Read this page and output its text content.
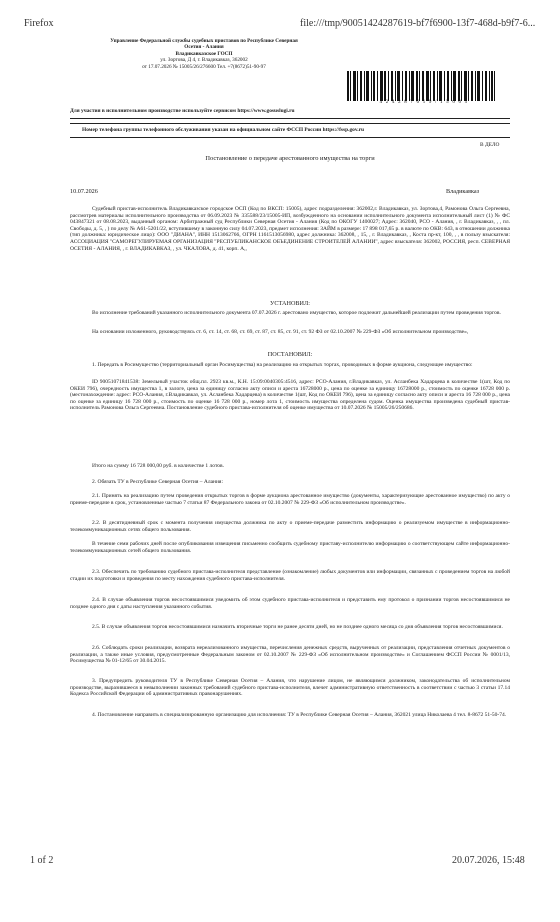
Firefox	file:///tmp/90051424287619-bf7f6900-13f7-468d-b9f7-6...
Управление Федеральной службы судебных приставов по Республике Северная
Осетия - Алания
Владикавказское ГОСП
ул. Зортова, Д 4, г. Владикавказ, 362002
от 17.07.2026 № 15005/26/276600 Тел. +7(8672)51-90-97
4 2 4 2 8 7 6 1 9 / 1 5 0 0 5
Для участия в исполнительном производстве используйте сервисом https://www.gosuslugi.ru
Номер телефона группы телефонного обслуживания указан на официальном сайте ФССП России https://fssp.gov.ru
В ДЕЛО
Постановление о передаче арестованного имущества на торги
10.07.2026	Владикавказ
Судебный пристав-исполнитель Владикавказское городское ОСП (Код по ВКСП: 15005), адрес подразделения: 362002,г. Владикавказ, ул. Зортова,4, Рамонова Ольга Сергеевна, рассмотрев материалы исполнительного производства от 06.09.2023 № 335588/23/15005-ИП, возбужденного на основании исполнительного документа исполнительный лист (1) № ФС 043847321 от 08.08.2023, выданный органом: Арбитражный суд Республики Северная Осетия - Алания (Код по ОКОГУ 1400027; Адрес: 362040, РСО - Алания, , г. Владикавказ, , , пл. Свободы, д. 5, , ) по делу № А61-5201/22, вступившему в законную силу 04.07.2023, предмет исполнения: ЗАЙМ в размере: 17 898 017,65 р. в валюте по ОКВ: 643, в отношении должника (тип должника: юридическое лицо): ООО "ДИАНА", ИНН 1513062766, ОГРН 1161513056980, адрес должника: 362008, , 15, , г. Владикавказ, , Коста пр-кт, 100, , , в пользу взыскателя: АССОЦИАЦИЯ "САМОРЕГУЛИРУЕМАЯ ОРГАНИЗАЦИЯ "РЕСПУБЛИКАНСКОЕ ОБЪЕДИНЕНИЕ СТРОИТЕЛЕЙ АЛАНИИ", адрес взыскателя: 362002, РОССИЯ, респ. СЕВЕРНАЯ ОСЕТИЯ - АЛАНИЯ, , г. ВЛАДИКАВКАЗ, , ул. ЧКАЛОВА, д. 41, корп. А,,
УСТАНОВИЛ:
Во исполнение требований указанного исполнительного документа 07.07.2026 г. арестовано имущество, которое подлежит дальнейшей реализации путем проведения торгов.
На основании изложенного, руководствуясь ст. 6, ст. 14, ст. 68, ст. 69, ст. 87, ст. 85, ст. 91, ст. 92 ФЗ от 02.10.2007 № 229-ФЗ «Об исполнительном производстве»,
ПОСТАНОВИЛ:
1. Передать в Росимущество (территориальный орган Росимущества) на реализацию на открытых торгах, проводимых в форме аукциона, следующее имущество:
ID 90051071841538: Земельный участок общ.пл. 2923 кв.м., К.Н. 15:09:0040305:4516, адрес: РСО-Алания, г.Владикавказ, ул. Асланбека Хадарцева в количестве 1(шт, Код по ОКЕИ 796), очередность имущества 1, в залоге, цена за единицу согласно акту описи и ареста 16728000 р., цена по оценке за единицу 16728000 р., стоимость по оценке 16728 000 р. (местонахождение: адрес: РСО-Алания, г.Владикавказ, ул. Асланбека Хадарцева) в количестве 1(шт, Код по ОКЕИ 796), цена за единицу согласно акту описи и ареста 16 728 000 р., цена по оценке за единицу 16 728 000 р., стоимость по оценке 16 728 000 р., номер лота 1, стоимость имущества определена судом. Оценка имущества произведена судебный пристав-исполнитель Рамонова Ольга Сергеевна. Постановление судебного пристава-исполнителя об оценке имущества от 10.07.2026 № 15005/26/250686.
Итого на сумму 16 728 000,00 руб. в количестве 1 лотов.
2. Обязать ТУ в Республике Северная Осетия – Алания:
2.1. Принять на реализацию путем проведения открытых торгов в форме аукциона арестованное имущество (документы, характеризующие арестованное имущество) по акту о приеме-передаче в срок, установленные частью 7 статьи 87 Федерального закона от 02.10.2007 № 229-ФЗ «Об исполнительном производстве».
2.2. В десятидневный срок с момента получения имущества должника по акту о приеме-передаче разместить информацию о реализуемом имуществе в информационно-телекоммуникационных сетях общего пользования.
В течение семи рабочих дней после опубликования извещения письменно сообщить судебному приставу-исполнителю информацию о соответствующем сайте информационно-телекоммуникационных сетей общего пользования.
2.3. Обеспечить по требованию судебного пристава-исполнителя представление (ознакомление) любых документов или информации, связанных с проведением торгов на любой стадии их подготовки и проведения по месту нахождения судебного пристава-исполнителя.
2.4. В случае объявления торгов несостоявшимися уведомить об этом судебного пристава-исполнителя и представить ему протокол о признании торгов несостоявшимися не позднее одного дня с даты наступления указанного события.
2.5. В случае объявления торгов несостоявшимися назначить вторичные торги не ранее десяти дней, но не позднее одного месяца со дня объявления торгов несостоявшимися.
2.6. Соблюдать сроки реализации, возврата нереализованного имущества, перечисления денежных средств, вырученных от реализации, представления отчетных документов о реализации, а также иные условия, предусмотренные Федеральным законом от 02.10.2007 № 229-ФЗ «Об исполнительном производстве» и Соглашением ФССП России № 0001/13, Росимущества № 01-12/65 от 30.04.2015.
3. Предупредить руководителя ТУ в Республике Северная Осетия – Алания, что нарушение лицом, не являющимся должником, законодательства об исполнительном производстве, выразившееся в невыполнении законных требований судебного пристава-исполнителя, влечет административную ответственность в соответствии с частью 3 статьи 17.14 Кодекса Российской Федерации об административных правонарушениях.
4. Постановление направить в специализированную организацию для исполнения: ТУ в Республике Северная Осетия – Алания, 362021 улица Николаева 4 тел. 8-8672 51-50-74.
1 of 2	20.07.2026, 15:48
